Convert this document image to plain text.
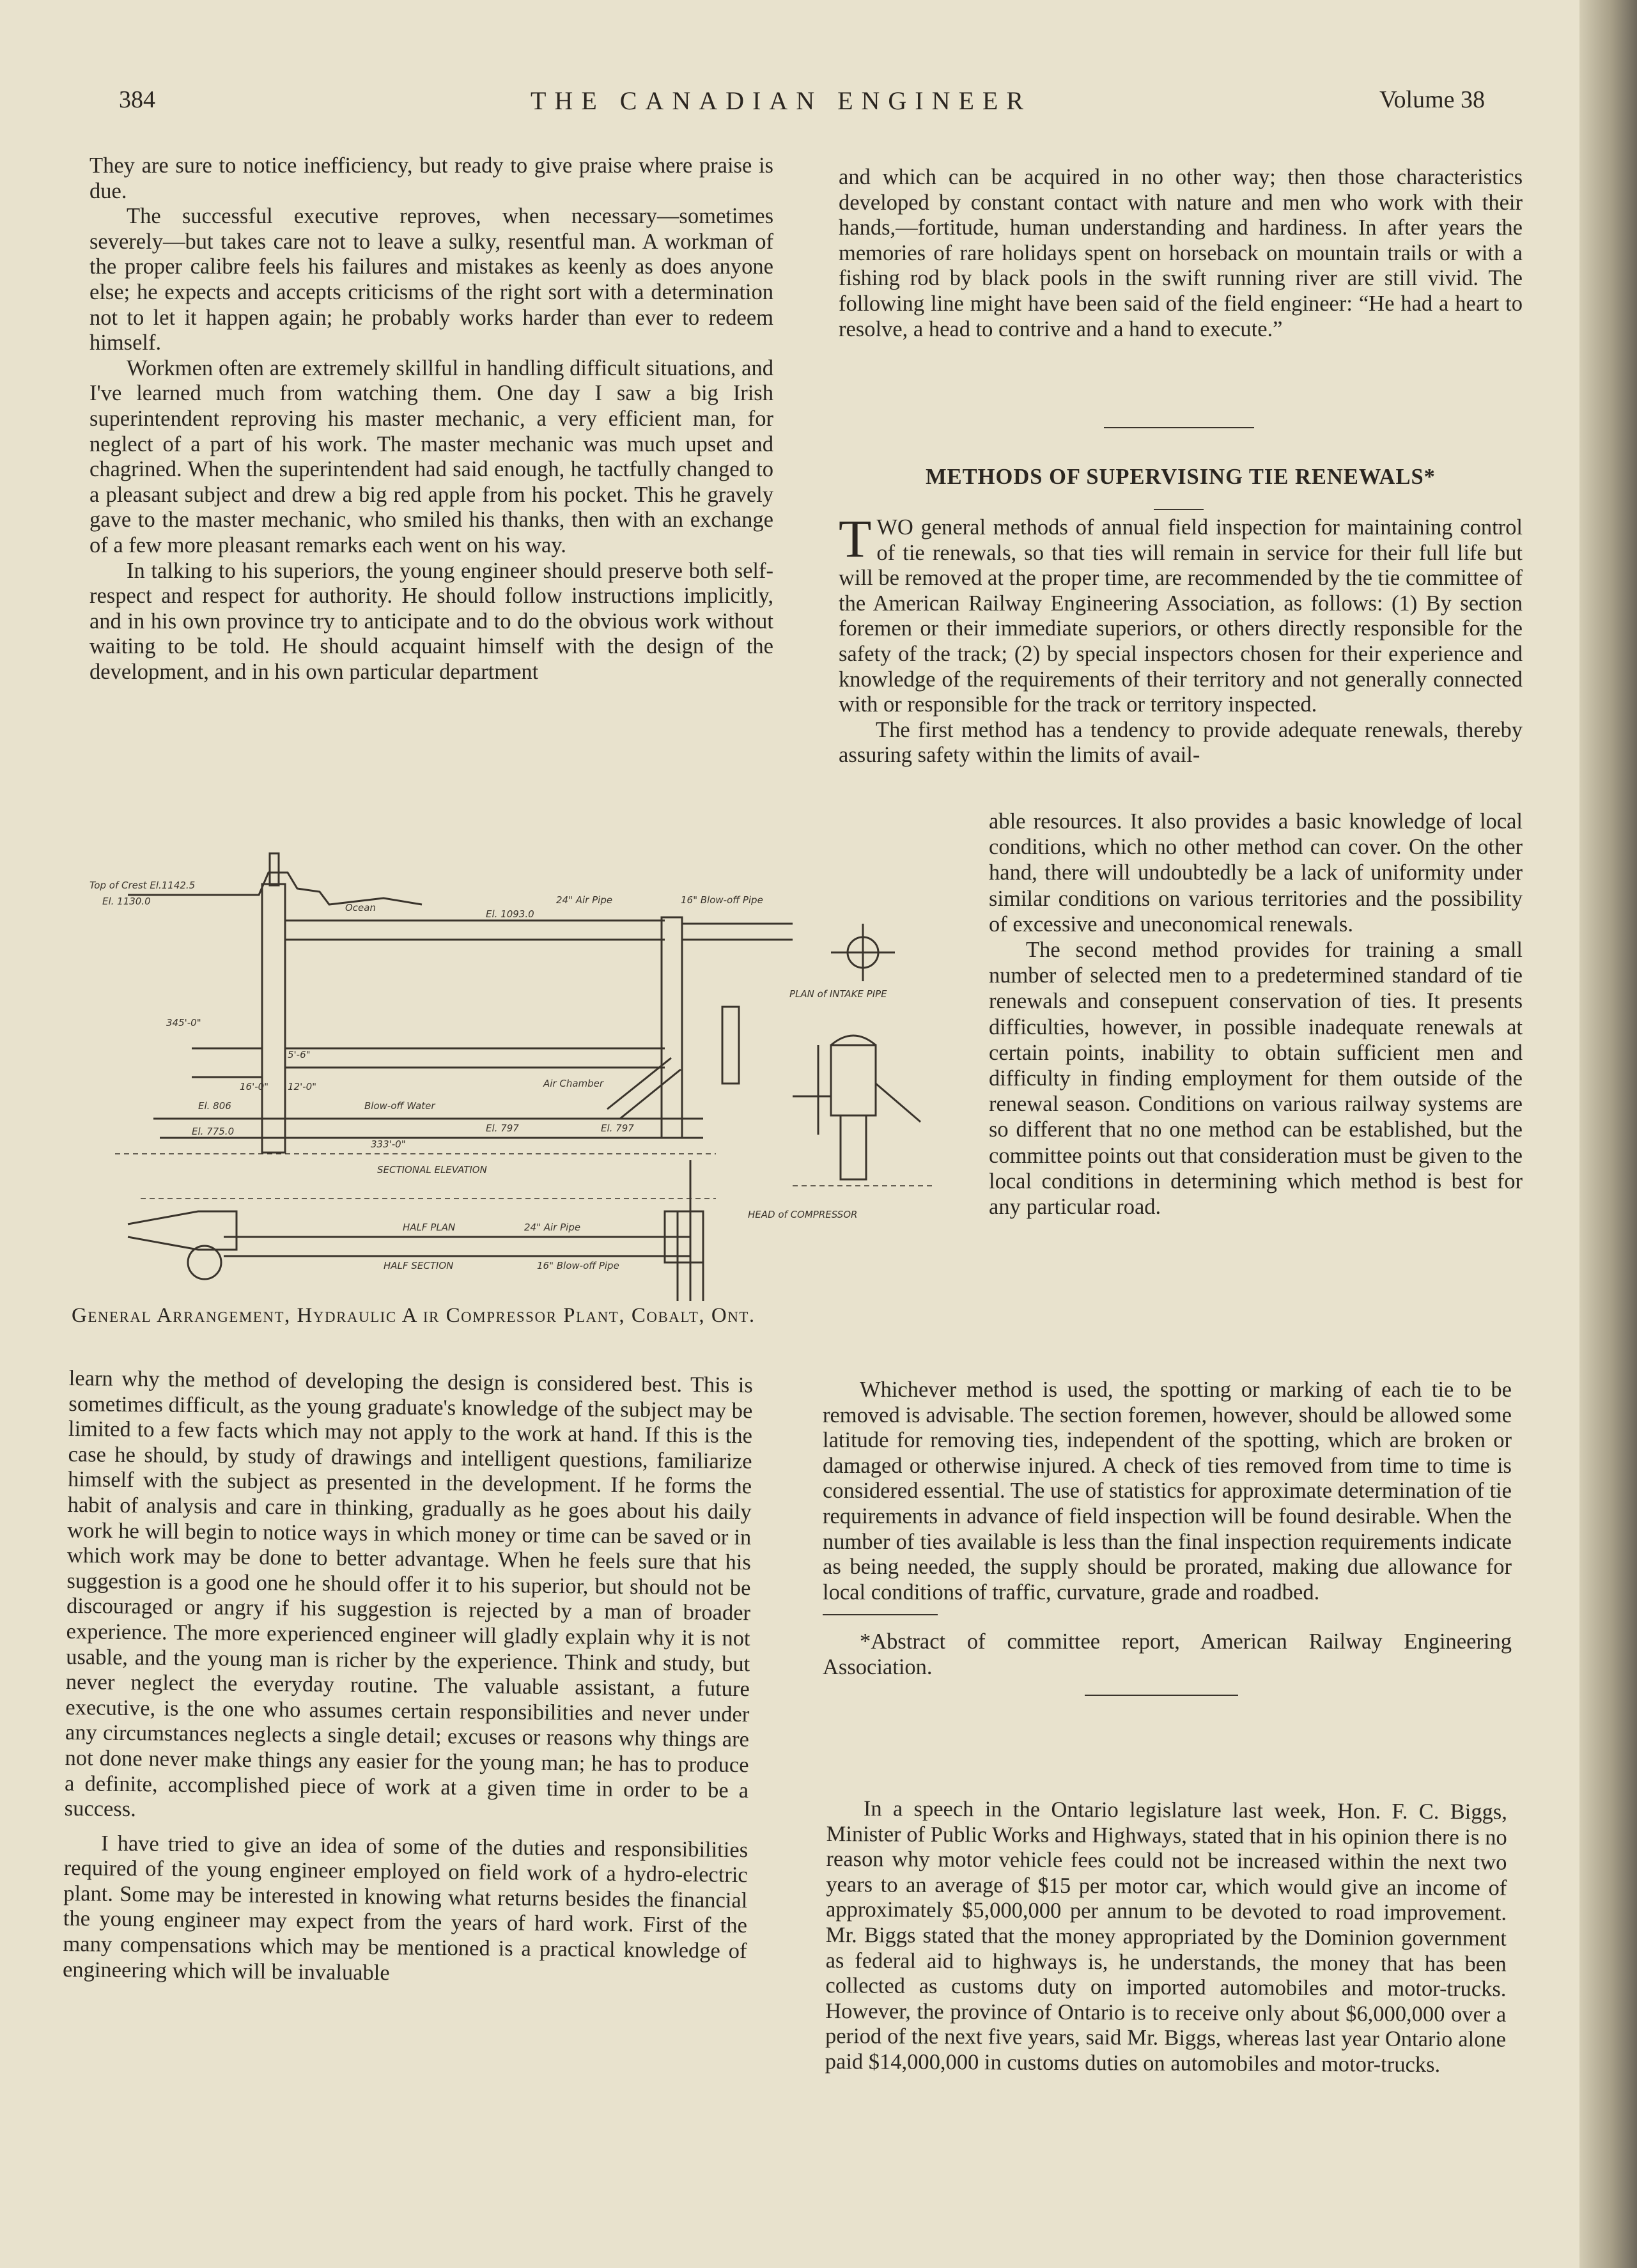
384	THE CANADIAN ENGINEER	Volume 38

They are sure to notice inefficiency, but ready to give praise where praise is due.

The successful executive reproves, when necessary—sometimes severely—but takes care not to leave a sulky, resentful man. A workman of the proper calibre feels his failures and mistakes as keenly as does anyone else; he expects and accepts criticisms of the right sort with a determination not to let it happen again; he probably works harder than ever to redeem himself.

Workmen often are extremely skillful in handling difficult situations, and I've learned much from watching them. One day I saw a big Irish superintendent reproving his master mechanic, a very efficient man, for neglect of a part of his work. The master mechanic was much upset and chagrined. When the superintendent had said enough, he tactfully changed to a pleasant subject and drew a big red apple from his pocket. This he gravely gave to the master mechanic, who smiled his thanks, then with an exchange of a few more pleasant remarks each went on his way.

In talking to his superiors, the young engineer should preserve both self-respect and respect for authority. He should follow instructions implicitly, and in his own province try to anticipate and to do the obvious work without waiting to be told. He should acquaint himself with the design of the development, and in his own particular department

and which can be acquired in no other way; then those characteristics developed by constant contact with nature and men who work with their hands,—fortitude, human understanding and hardiness. In after years the memories of rare holidays spent on horseback on mountain trails or with a fishing rod by black pools in the swift running river are still vivid. The following line might have been said of the field engineer: “He had a heart to resolve, a head to contrive and a hand to execute.”

METHODS OF SUPERVISING TIE RENEWALS*

TWO general methods of annual field inspection for maintaining control of tie renewals, so that ties will remain in service for their full life but will be removed at the proper time, are recommended by the tie committee of the American Railway Engineering Association, as follows: (1) By section foremen or their immediate superiors, or others directly responsible for the safety of the track; (2) by special inspectors chosen for their experience and knowledge of the requirements of their territory and not generally connected with or responsible for the track or territory inspected.

The first method has a tendency to provide adequate renewals, thereby assuring safety within the limits of avail-

able resources. It also provides a basic knowledge of local conditions, which no other method can cover. On the other hand, there will undoubtedly be a lack of uniformity under similar conditions on various territories and the possibility of excessive and uneconomical renewals.

The second method provides for training a small number of selected men to a predetermined standard of tie renewals and consepuent conservation of ties. It presents difficulties, however, in possible inadequate renewals at certain points, inability to obtain sufficient men and difficulty in finding employment for them outside of the renewal season. Conditions on various railway systems are so different that no one method can be established, but the committee points out that consideration must be given to the local conditions in determining which method is best for any particular road.

Whichever method is used, the spotting or marking of each tie to be removed is advisable. The section foremen, however, should be allowed some latitude for removing ties, independent of the spotting, which are broken or damaged or otherwise injured. A check of ties removed from time to time is considered essential. The use of statistics for approximate determination of tie requirements in advance of field inspection will be found desirable. When the number of ties available is less than the final inspection requirements indicate as being needed, the supply should be prorated, making due allowance for local conditions of traffic, curvature, grade and roadbed.

*Abstract of committee report, American Railway Engineering Association.

Top of Crest El.1142.5
El. 1130.0
Ocean
El. 1093.0
24" Air Pipe	16" Blow-off Pipe
PLAN of INTAKE PIPE
HEAD of COMPRESSOR
SECTIONAL ELEVATION
HALF PLAN
HALF SECTION
24" Air Pipe
16" Blow-off Pipe
Blow-off Water
Air Chamber
El. 806
El. 797	El. 797
El. 775.0
333'-0"
345'-0"
5'-6"
16'-0" 12'-0"
General Arrangement, Hydraulic A ir Compressor Plant, Cobalt, Ont.

learn why the method of developing the design is considered best. This is sometimes difficult, as the young graduate's knowledge of the subject may be limited to a few facts which may not apply to the work at hand. If this is the case he should, by study of drawings and intelligent questions, familiarize himself with the subject as presented in the development. If he forms the habit of analysis and care in thinking, gradually as he goes about his daily work he will begin to notice ways in which money or time can be saved or in which work may be done to better advantage. When he feels sure that his suggestion is a good one he should offer it to his superior, but should not be discouraged or angry if his suggestion is rejected by a man of broader experience. The more experienced engineer will gladly explain why it is not usable, and the young man is richer by the experience. Think and study, but never neglect the everyday routine. The valuable assistant, a future executive, is the one who assumes certain responsibilities and never under any circumstances neglects a single detail; excuses or reasons why things are not done never make things any easier for the young man; he has to produce a definite, accomplished piece of work at a given time in order to be a success.

I have tried to give an idea of some of the duties and responsibilities required of the young engineer employed on field work of a hydro-electric plant. Some may be interested in knowing what returns besides the financial the young engineer may expect from the years of hard work. First of the many compensations which may be mentioned is a practical knowledge of engineering which will be invaluable

In a speech in the Ontario legislature last week, Hon. F. C. Biggs, Minister of Public Works and Highways, stated that in his opinion there is no reason why motor vehicle fees could not be increased within the next two years to an average of $15 per motor car, which would give an income of approximately $5,000,000 per annum to be devoted to road improvement. Mr. Biggs stated that the money appropriated by the Dominion government as federal aid to highways is, he understands, the money that has been collected as customs duty on imported automobiles and motor-trucks. However, the province of Ontario is to receive only about $6,000,000 over a period of the next five years, said Mr. Biggs, whereas last year Ontario alone paid $14,000,000 in customs duties on automobiles and motor-trucks.
